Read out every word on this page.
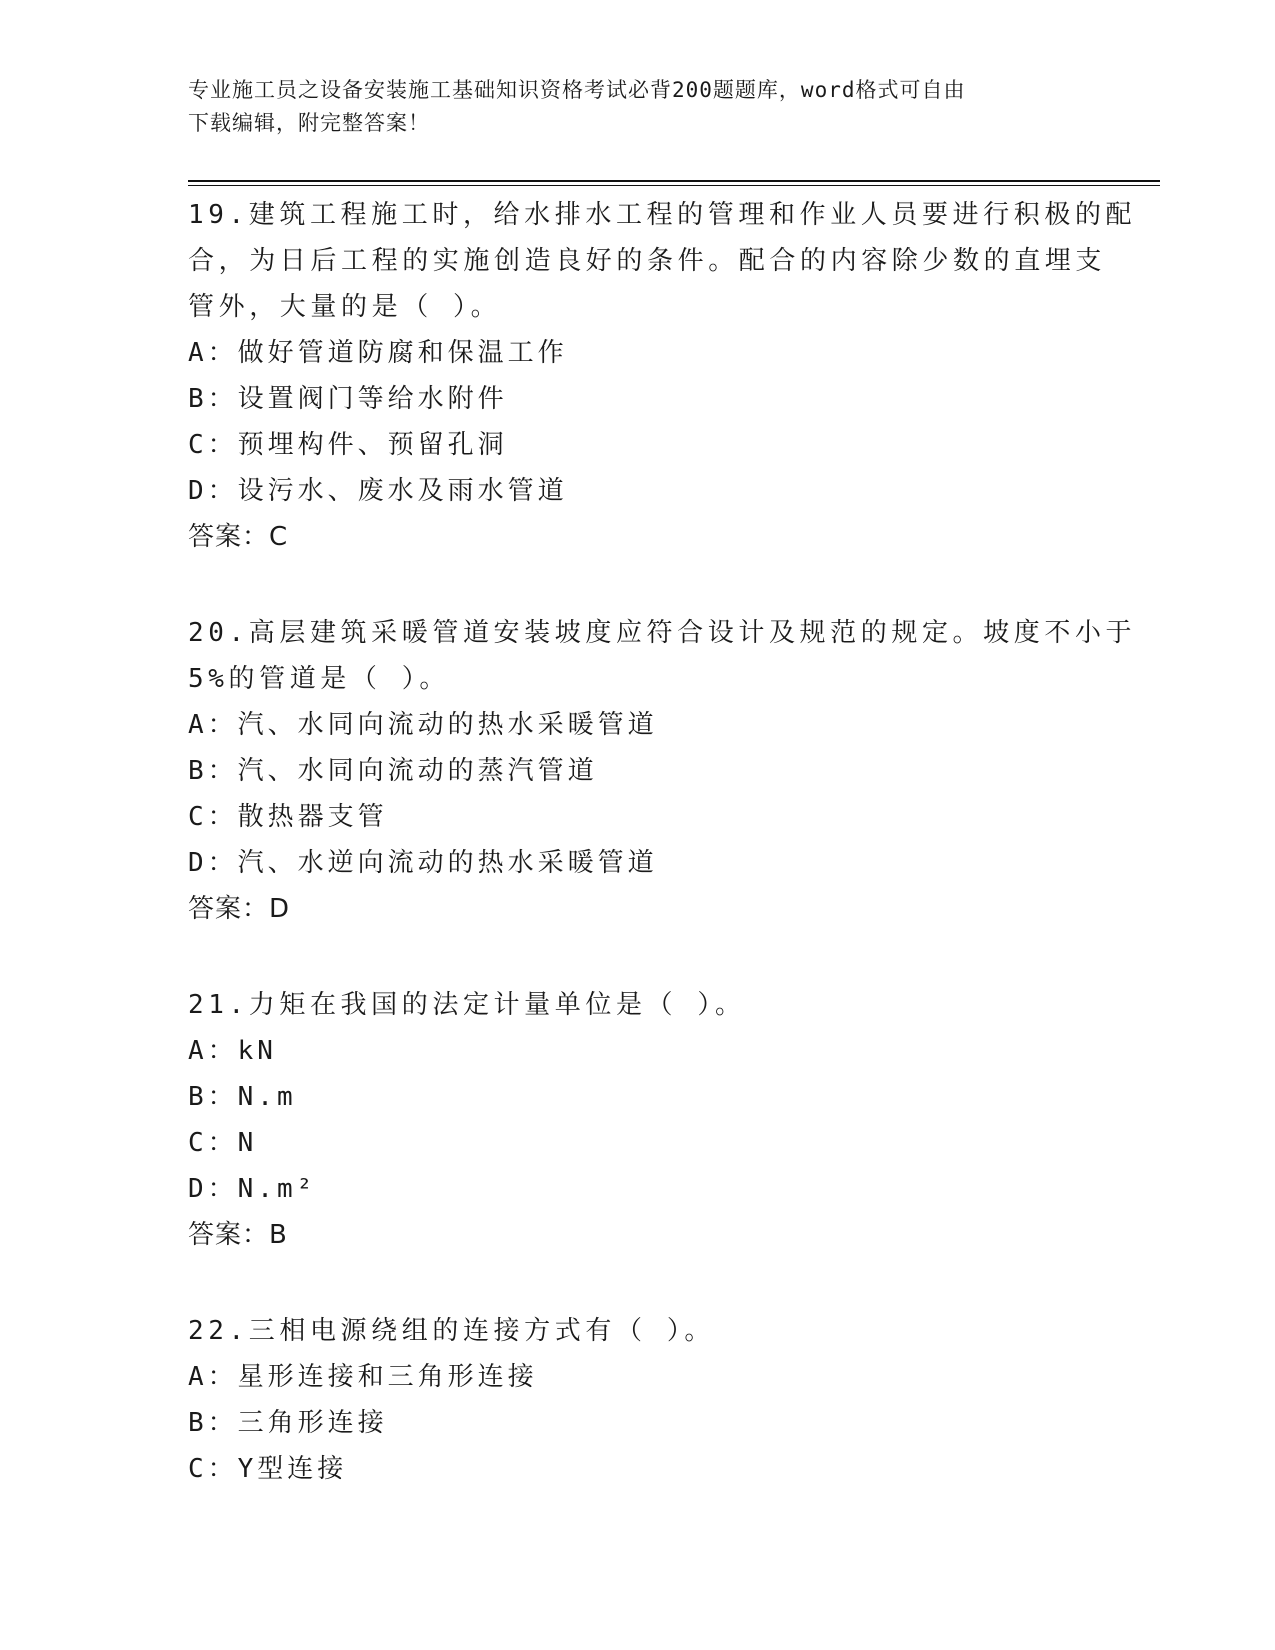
专业施工员之设备安装施工基础知识资格考试必背200题题库，word格式可自由
下载编辑，附完整答案！
19.建筑工程施工时，给水排水工程的管理和作业人员要进行积极的配
合，为日后工程的实施创造良好的条件。配合的内容除少数的直埋支
管外，大量的是（ ）。
A：做好管道防腐和保温工作
B：设置阀门等给水附件
C：预埋构件、预留孔洞
D：设污水、废水及雨水管道
答案：C
20.高层建筑采暖管道安装坡度应符合设计及规范的规定。坡度不小于
5%的管道是（ ）。
A：汽、水同向流动的热水采暖管道
B：汽、水同向流动的蒸汽管道
C：散热器支管
D：汽、水逆向流动的热水采暖管道
答案：D
21.力矩在我国的法定计量单位是（ ）。
A：kN
B：N.m
C：N
D：N.m²
答案：B
22.三相电源绕组的连接方式有（ ）。
A：星形连接和三角形连接
B：三角形连接
C：Y型连接
